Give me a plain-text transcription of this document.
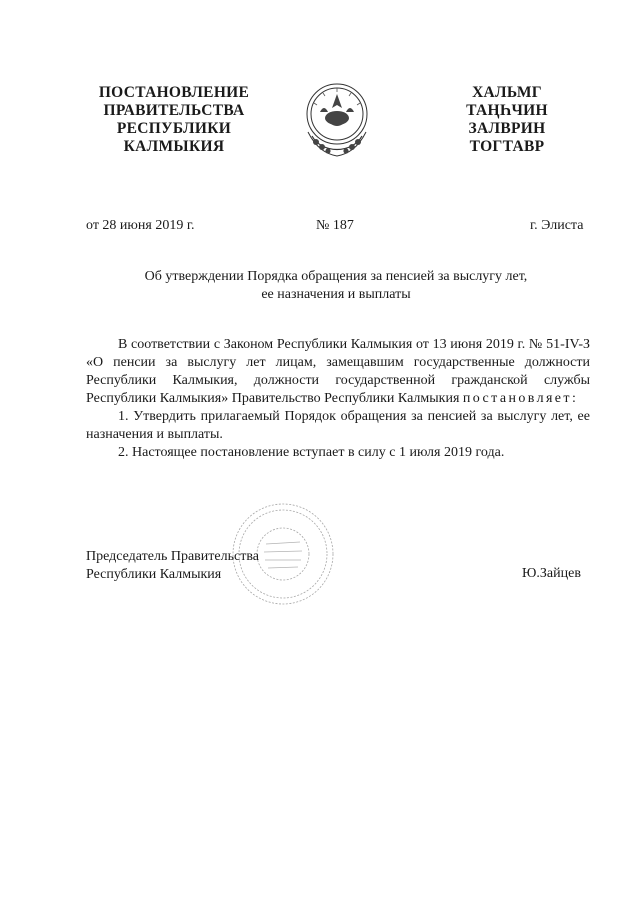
ПОСТАНОВЛЕНИЕ
ПРАВИТЕЛЬСТВА
РЕСПУБЛИКИ
КАЛМЫКИЯ
ХАЛЬМГ
ТАҢҺЧИН
ЗАЛВРИН
ТОГТАВР
от 28 июня 2019 г.	№ 187	г. Элиста
Об утверждении Порядка обращения за пенсией за выслугу лет,
ее назначения и выплаты

В соответствии с Законом Республики Калмыкия от 13 июня 2019 г. № 51-IV-З «О пенсии за выслугу лет лицам, замещавшим государственные должности Республики Калмыкия, должности государственной гражданской службы Республики Калмыкия» Правительство Республики Калмыкия постановляет:

1. Утвердить прилагаемый Порядок обращения за пенсией за выслугу лет, ее назначения и выплаты.

2. Настоящее постановление вступает в силу с 1 июля 2019 года.

Председатель Правительства
Республики Калмыкия	Ю.Зайцев
